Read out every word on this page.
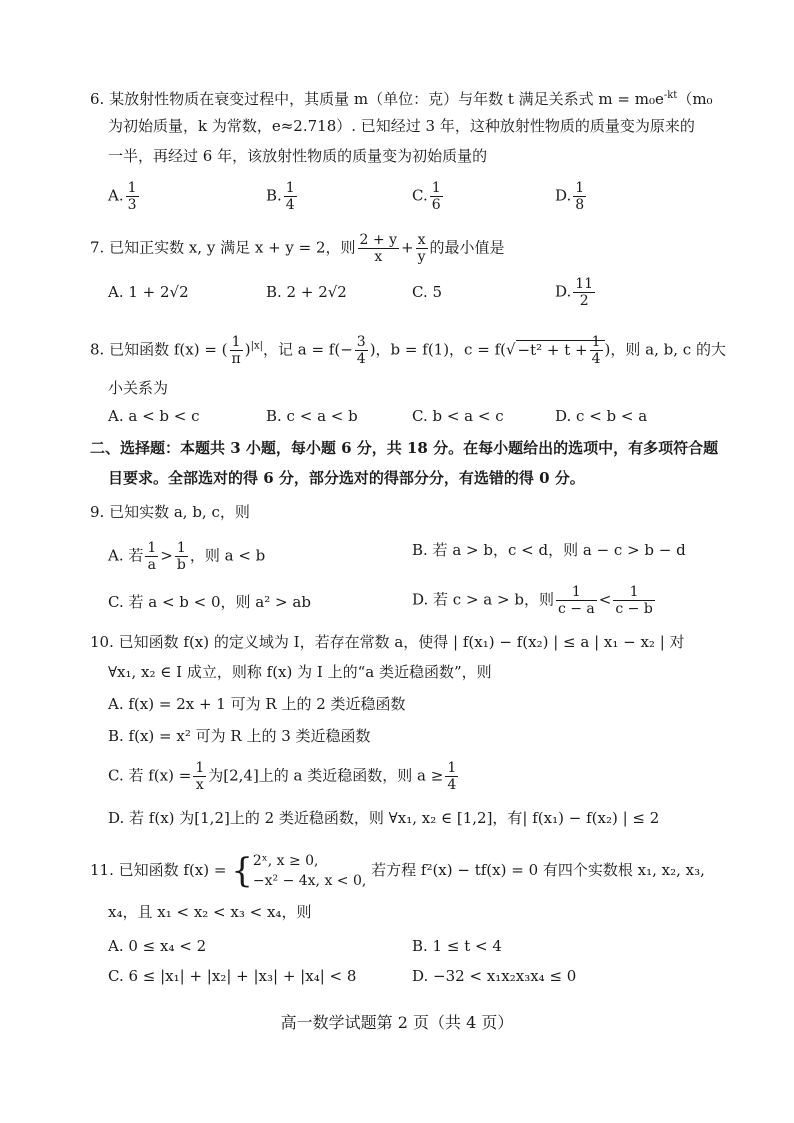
6. 某放射性物质在衰变过程中，其质量 m（单位：克）与年数 t 满足关系式 $m = m_0e^{-kt}(m_0$
为初始质量，k 为常数，e≈2.718）. 已知经过 3 年，这种放射性物质的质量变为原来的
一半，再经过 6 年，该放射性物质的质量变为初始质量的
A. $\frac{1}{3}$	B. $\frac{1}{4}$	C. $\frac{1}{6}$	D. $\frac{1}{8}$
7. 已知正实数 x, y 满足 x + y = 2，则 $\frac{2 + y}{x} + \frac{x}{y}$ 的最小值是
A. 1 + 2√2	B. 2 + 2√2	C. 5	D. $\frac{11}{2}$
8. 已知函数 f(x) = ( $\frac{1}{\pi} )^{|x|}$，记 $a = f(- \frac{3}{4}$ )，b = f(1)，$c = f(√ -t^2 + t + \frac{1}{4}$ )，则 a, b, c 的大
小关系为
A. a < b < c	B. c < a < b	C. b < a < c	D. c < b < a
二、选择题：本题共 3 小题，每小题 6 分，共 18 分。在每小题给出的选项中，有多项符合题
目要求。全部选对的得 6 分，部分选对的得部分分，有选错的得 0 分。
9. 已知实数 a, b, c，则
A. 若 $\frac{1}{a} > \frac{1}{b}$ ，则 a < b	B. 若 a > b，c < d，则 a − c > b − d
C. 若 a < b < 0，则 a² > ab	D. 若 c > a > b，则 $\frac{1}{c - a} < \frac{1}{c - b}$
10. 已知函数 f(x) 的定义域为 I，若存在常数 a，使得 | f(x₁) − f(x₂) | ≤ a | x₁ − x₂ | 对
∀x₁, x₂ ∈ I 成立，则称 f(x) 为 I 上的“a 类近稳函数”，则
A. f(x) = 2x + 1 可为 R 上的 2 类近稳函数
B. f(x) = x² 可为 R 上的 3 类近稳函数
C. 若 $f(x) = \frac{1}{x}$ 为[2,4]上的 a 类近稳函数，则 $a \ge \frac{1}{4}$
D. 若 f(x) 为[1,2]上的 2 类近稳函数，则 ∀x₁, x₂ ∈ [1,2]，有| f(x₁) − f(x₂) | ≤ 2
11. 已知函数 f(x) = { 2ˣ, x ≥ 0,
−x² − 4x, x < 0,
若方程 f²(x) − tf(x) = 0 有四个实数根 x₁, x₂, x₃,
x₄，且 x₁ < x₂ < x₃ < x₄，则
A. 0 ≤ x₄ < 2	B. 1 ≤ t < 4
C. 6 ≤ |x₁| + |x₂| + |x₃| + |x₄| < 8	D. −32 < x₁x₂x₃x₄ ≤ 0
高一数学试题第 2 页（共 4 页）
